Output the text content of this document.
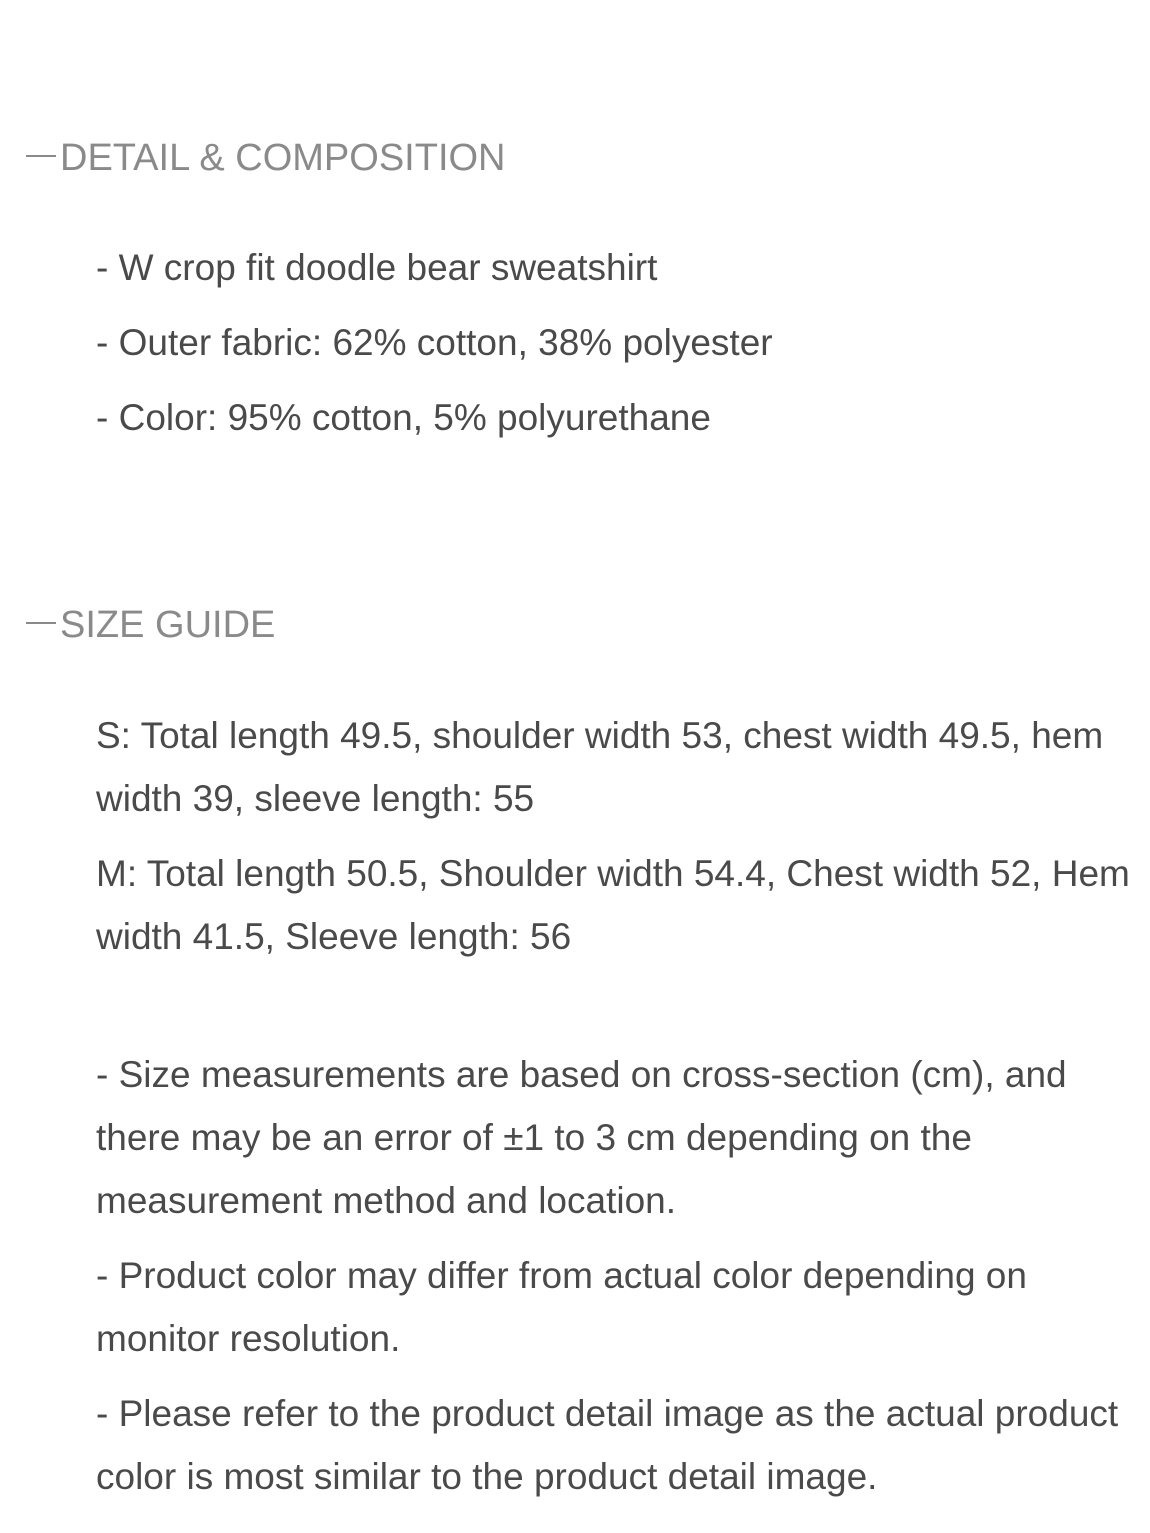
DETAIL & COMPOSITION
- W crop fit doodle bear sweatshirt
- Outer fabric: 62% cotton, 38% polyester
- Color: 95% cotton, 5% polyurethane
SIZE GUIDE

S: Total length 49.5, shoulder width 53, chest width 49.5, hem width 39, sleeve length: 55

M: Total length 50.5, Shoulder width 54.4, Chest width 52, Hem width 41.5, Sleeve length: 56

- Size measurements are based on cross-section (cm), and there may be an error of ±1 to 3 cm depending on the measurement method and location.

- Product color may differ from actual color depending on monitor resolution.

- Please refer to the product detail image as the actual product color is most similar to the product detail image.
